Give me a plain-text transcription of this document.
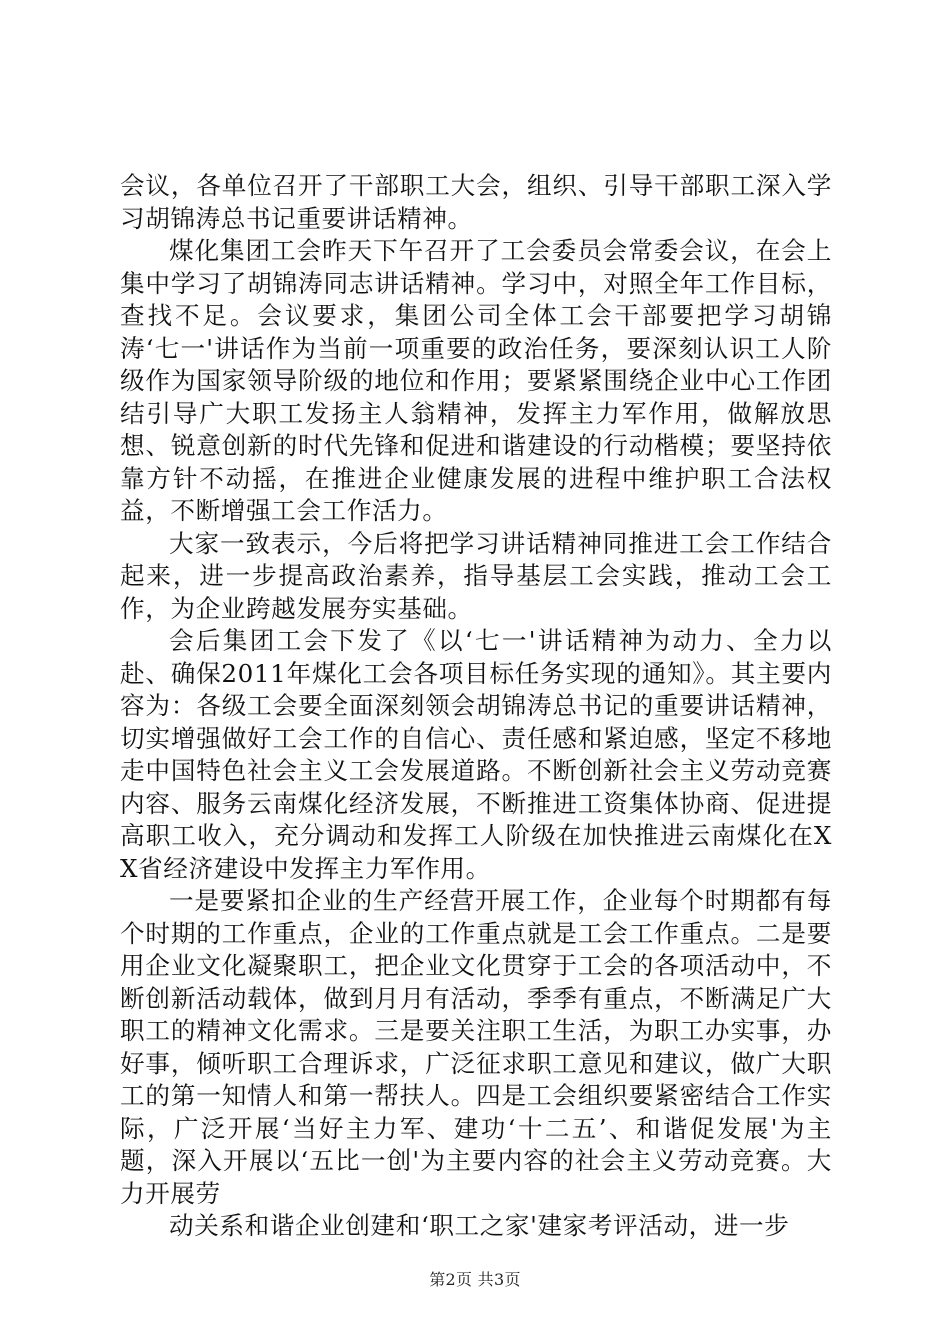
会议，各单位召开了干部职工大会，组织、引导干部职工深入学习胡锦涛总书记重要讲话精神。

煤化集团工会昨天下午召开了工会委员会常委会议，在会上集中学习了胡锦涛同志讲话精神。学习中，对照全年工作目标，查找不足。会议要求，集团公司全体工会干部要把学习胡锦涛‘七一'讲话作为当前一项重要的政治任务，要深刻认识工人阶级作为国家领导阶级的地位和作用；要紧紧围绕企业中心工作团结引导广大职工发扬主人翁精神，发挥主力军作用，做解放思想、锐意创新的时代先锋和促进和谐建设的行动楷模；要坚持依靠方针不动摇，在推进企业健康发展的进程中维护职工合法权益，不断增强工会工作活力。

大家一致表示，今后将把学习讲话精神同推进工会工作结合起来，进一步提高政治素养，指导基层工会实践，推动工会工作，为企业跨越发展夯实基础。

会后集团工会下发了《以‘七一'讲话精神为动力、全力以赴、确保2011年煤化工会各项目标任务实现的通知》。其主要内容为：各级工会要全面深刻领会胡锦涛总书记的重要讲话精神，切实增强做好工会工作的自信心、责任感和紧迫感，坚定不移地走中国特色社会主义工会发展道路。不断创新社会主义劳动竞赛内容、服务云南煤化经济发展，不断推进工资集体协商、促进提高职工收入，充分调动和发挥工人阶级在加快推进云南煤化在XX省经济建设中发挥主力军作用。

一是要紧扣企业的生产经营开展工作，企业每个时期都有每个时期的工作重点，企业的工作重点就是工会工作重点。二是要用企业文化凝聚职工，把企业文化贯穿于工会的各项活动中，不断创新活动载体，做到月月有活动，季季有重点，不断满足广大职工的精神文化需求。三是要关注职工生活，为职工办实事，办好事，倾听职工合理诉求，广泛征求职工意见和建议，做广大职工的第一知情人和第一帮扶人。四是工会组织要紧密结合工作实际，广泛开展‘当好主力军、建功‘十二五’、和谐促发展'为主题，深入开展以‘五比一创'为主要内容的社会主义劳动竞赛。大力开展劳

动关系和谐企业创建和‘职工之家'建家考评活动，进一步

第2页 共3页
